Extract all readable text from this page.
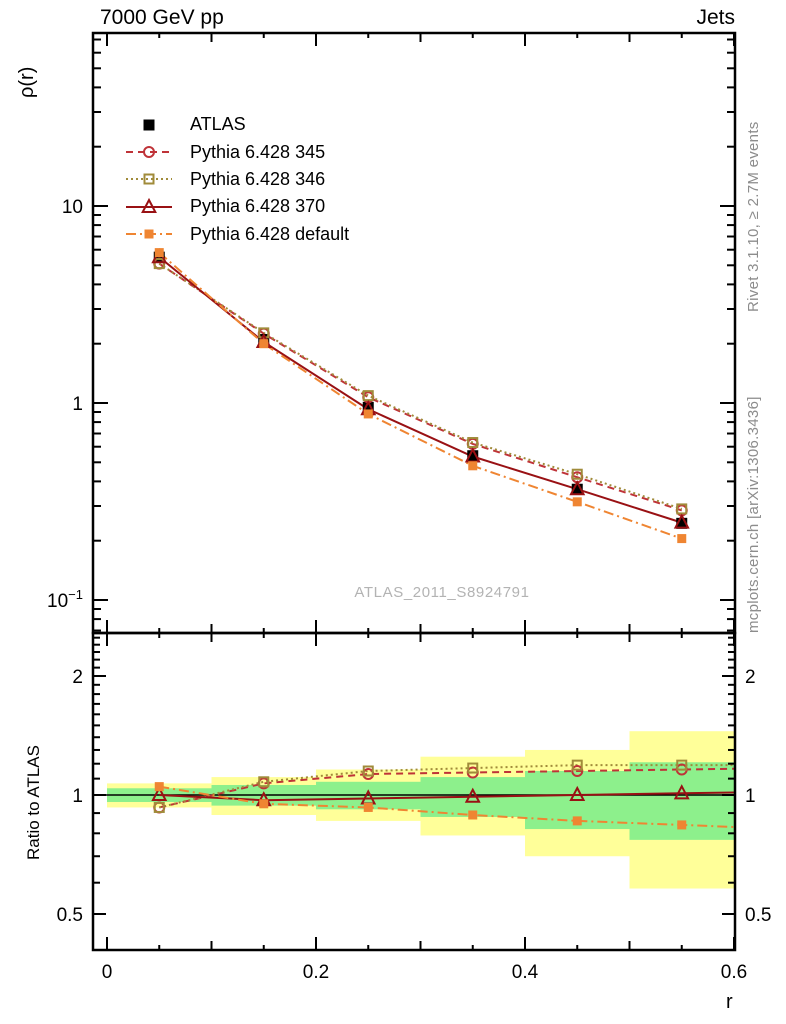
0	0.2	0.4	0.6
10
1
$10^{-1}$
2	2
1	1
0.5	0.5
7000 GeV pp	Jets
ρ(r)
Ratio to ATLAS
r
ATLAS_2011_S8924791
Rivet 3.1.10, ≥ 2.7M events
mcplots.cern.ch [arXiv:1306.3436]
ATLAS
Pythia 6.428 345
Pythia 6.428 346
Pythia 6.428 370
Pythia 6.428 default
